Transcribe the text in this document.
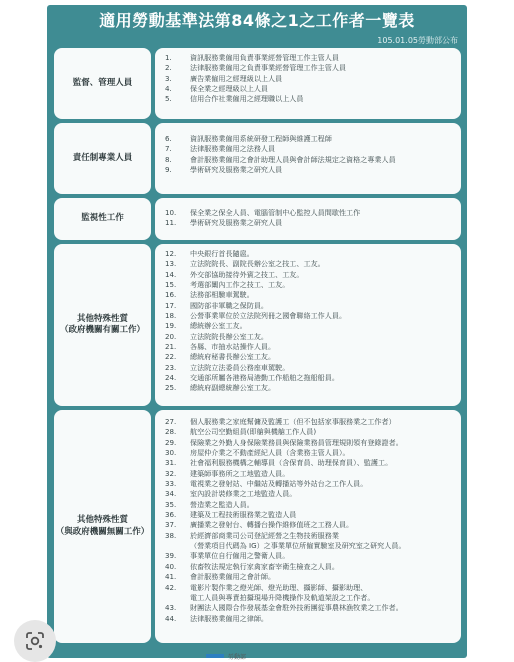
適用勞動基準法第84條之1之工作者一覽表
105.01.05勞動部公布
監督、管理人員
1.	資訊服務業僱用負責事業經營管理工作主管人員
2.	法律服務業僱用之負責事業經營管理工作主管人員
3.	廣告業僱用之經理級以上人員
4.	保全業之經理級以上人員
5.	信用合作社業僱用之經理職以上人員
責任制專業人員
6.	資訊服務業僱用系統研發工程師與維護工程師
7.	法律服務業僱用之法務人員
8.	會計服務業僱用之會計助理人員與會計師法規定之資格之專業人員
9.	學術研究及服務業之研究人員
監視性工作
10.	保全業之保全人員、電腦管制中心監控人員間歇性工作
11.	學術研究及服務業之研究人員
其他特殊性質
（政府機關有關工作）
12.	中央銀行首長隨扈。
13.	立法院院長、副院長辦公室之技工、工友。
14.	外交部協助接待外賓之技工、工友。
15.	考選部闈內工作之技工、工友。
16.	法務部相驗車駕駛。
17.	國防部非軍職之保防員。
18.	公營事業單位於立法院列冊之國會聯絡工作人員。
19.	總統辦公室工友。
20.	立法院院長辦公室工友。
21.	各縣、市抽水站操作人員。
22.	總統府秘書長辦公室工友。
23.	立法院立法委員公務座車駕駛。
24.	交通部所屬各港務局港勤工作船舶之拖船船員。
25.	總統府副總統辦公室工友。
其他特殊性質
（與政府機關無關工作）
27.	個人服務業之家庭幫傭及監護工（但不包括家事服務業之工作者）
28.	航空公司空勤組員(即艙與機艙工作人員)
29.	保險業之外勤人身保險業務員與保險業務員管理規則領有登錄證者。
30.	房屋仲介業之不動產經紀人員（含業務主管人員）。
31.	社會福利服務機構之輔導員（含保育員、助理保育員）、監護工。
32.	建築師事務所之工地監造人員。
33.	電視業之發射站、中繼站及轉播站等外站台之工作人員。
34.	室內設計裝修業之工地監造人員。
35.	營造業之監造人員。
36.	建築及工程技術服務業之監造人員
37.	廣播業之發射台、轉播台操作維修值班之工務人員。
38.	於經濟部商業司公司登記經營之生物技術服務業
（營業項目代碼為 IG）之事業單位所僱實驗室及研究室之研究人員。
39.	事業單位自行僱用之警衛人員。
40.	依畜牧法規定執行家禽家畜宰衛生檢查之人員。
41.	會計服務業僱用之會計師。
42.	電影片製作業之燈光師、燈光助理、攝影師、攝影助理、
電工人員與專責拍攝現場升降機操作及軌道架設之工作者。
43.	財團法人國際合作發展基金會駐外技術團從事農林漁牧業之工作者。
44.	法律服務業僱用之律師。
勞動部
